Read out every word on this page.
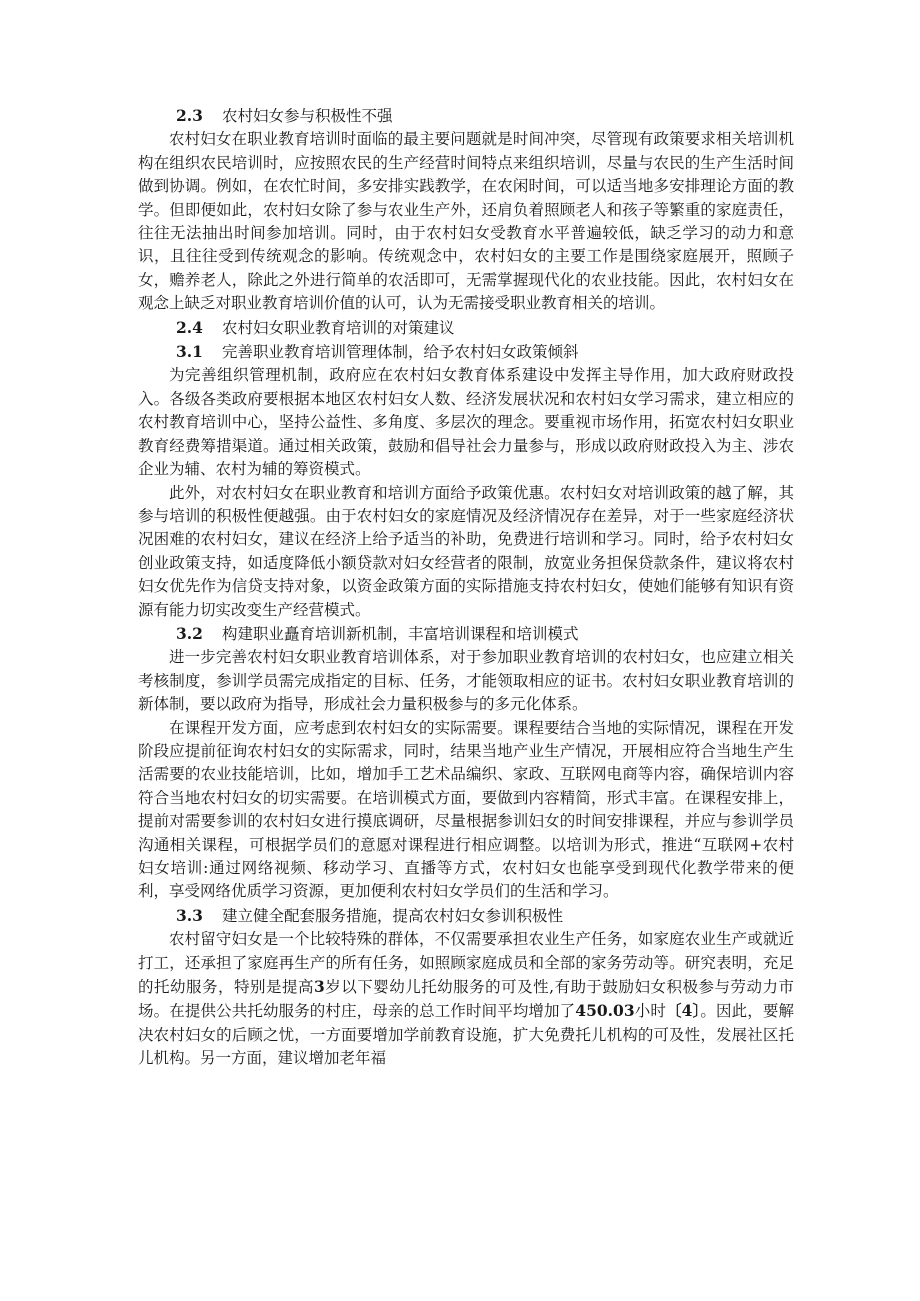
2.3 农村妇女参与积极性不强

农村妇女在职业教育培训时面临的最主要问题就是时间冲突，尽管现有政策要求相关培训机构在组织农民培训时，应按照农民的生产经营时间特点来组织培训，尽量与农民的生产生活时间做到协调。例如，在农忙时间，多安排实践教学，在农闲时间，可以适当地多安排理论方面的教学。但即便如此，农村妇女除了参与农业生产外，还肩负着照顾老人和孩子等繁重的家庭责任，往往无法抽出时间参加培训。同时，由于农村妇女受教育水平普遍较低，缺乏学习的动力和意识，且往往受到传统观念的影响。传统观念中，农村妇女的主要工作是围绕家庭展开，照顾子女，赡养老人，除此之外进行简单的农活即可，无需掌握现代化的农业技能。因此，农村妇女在观念上缺乏对职业教育培训价值的认可，认为无需接受职业教育相关的培训。

2.4 农村妇女职业教育培训的对策建议

3.1 完善职业教育培训管理体制，给予农村妇女政策倾斜

为完善组织管理机制，政府应在农村妇女教育体系建设中发挥主导作用，加大政府财政投入。各级各类政府要根据本地区农村妇女人数、经济发展状况和农村妇女学习需求，建立相应的农村教育培训中心，坚持公益性、多角度、多层次的理念。要重视市场作用，拓宽农村妇女职业教育经费筹措渠道。通过相关政策，鼓励和倡导社会力量参与，形成以政府财政投入为主、涉农企业为辅、农村为辅的筹资模式。

此外，对农村妇女在职业教育和培训方面给予政策优惠。农村妇女对培训政策的越了解，其参与培训的积极性便越强。由于农村妇女的家庭情况及经济情况存在差异，对于一些家庭经济状况困难的农村妇女，建议在经济上给予适当的补助，免费进行培训和学习。同时，给予农村妇女创业政策支持，如适度降低小额贷款对妇女经营者的限制，放宽业务担保贷款条件，建议将农村妇女优先作为信贷支持对象，以资金政策方面的实际措施支持农村妇女，使她们能够有知识有资源有能力切实改变生产经营模式。

3.2 构建职业矗育培训新机制，丰富培训课程和培训模式

进一步完善农村妇女职业教育培训体系，对于参加职业教育培训的农村妇女，也应建立相关考核制度，参训学员需完成指定的目标、任务，才能领取相应的证书。农村妇女职业教育培训的新体制，要以政府为指导，形成社会力量积极参与的多元化体系。

在课程开发方面，应考虑到农村妇女的实际需要。课程要结合当地的实际情况，课程在开发阶段应提前征询农村妇女的实际需求，同时，结果当地产业生产情况，开展相应符合当地生产生活需要的农业技能培训，比如，增加手工艺术品编织、家政、互联网电商等内容，确保培训内容符合当地农村妇女的切实需要。在培训模式方面，要做到内容精简，形式丰富。在课程安排上，提前对需要参训的农村妇女进行摸底调研，尽量根据参训妇女的时间安排课程，并应与参训学员沟通相关课程，可根据学员们的意愿对课程进行相应调整。以培训为形式，推进“互联网+农村妇女培训:通过网络视频、移动学习、直播等方式，农村妇女也能享受到现代化教学带来的便利，享受网络优质学习资源，更加便利农村妇女学员们的生活和学习。

3.3 建立健全配套服务措施，提高农村妇女参训积极性

农村留守妇女是一个比较特殊的群体，不仅需要承担农业生产任务，如家庭农业生产或就近打工，还承担了家庭再生产的所有任务，如照顾家庭成员和全部的家务劳动等。研究表明，充足的托幼服务，特别是提高3岁以下婴幼儿托幼服务的可及性,有助于鼓励妇女积极参与劳动力市场。在提供公共托幼服务的村庄，母亲的总工作时间平均增加了450.03小时〔4〕。因此，要解决农村妇女的后顾之忧，一方面要增加学前教育设施，扩大免费托儿机构的可及性，发展社区托儿机构。另一方面，建议增加老年福
